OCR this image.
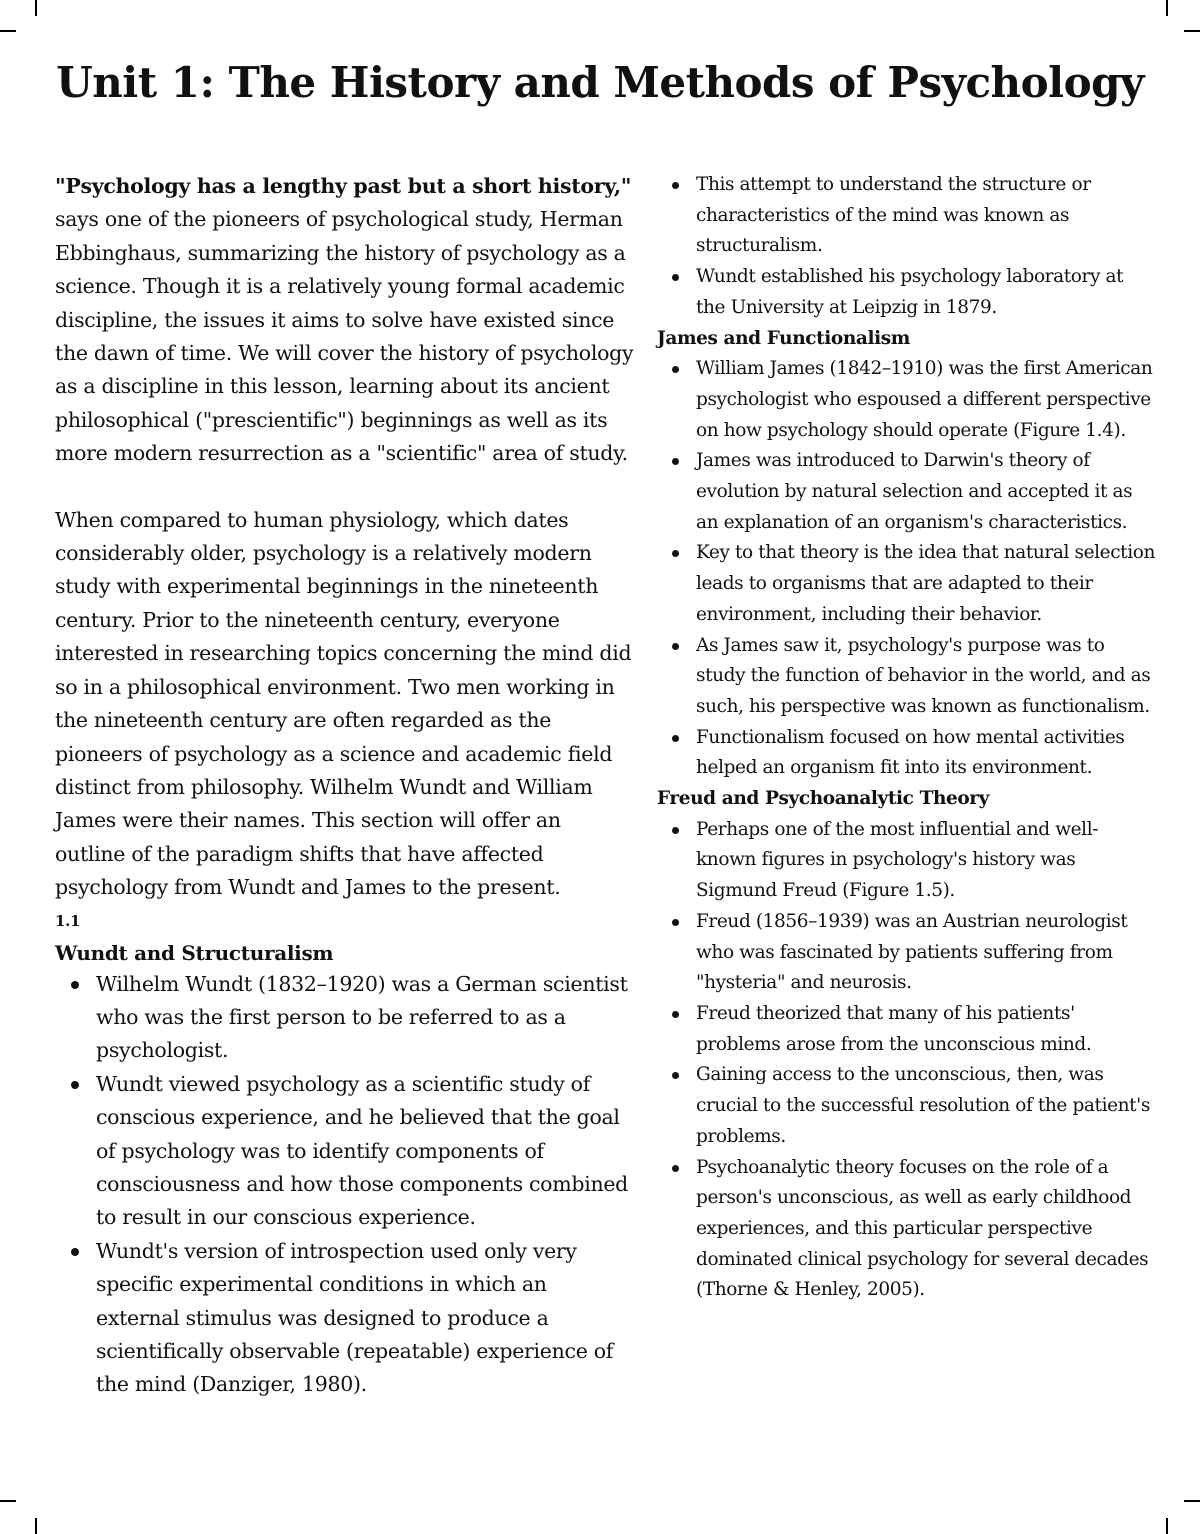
Unit 1: The History and Methods of Psychology

"Psychology has a lengthy past but a short history," says one of the pioneers of psychological study, Herman Ebbinghaus, summarizing the history of psychology as a science. Though it is a relatively young formal academic discipline, the issues it aims to solve have existed since the dawn of time. We will cover the history of psychology as a discipline in this lesson, learning about its ancient philosophical ("prescientific") beginnings as well as its more modern resurrection as a "scientific" area of study.

When compared to human physiology, which dates considerably older, psychology is a relatively modern study with experimental beginnings in the nineteenth century. Prior to the nineteenth century, everyone interested in researching topics concerning the mind did so in a philosophical environment. Two men working in the nineteenth century are often regarded as the pioneers of psychology as a science and academic field distinct from philosophy. Wilhelm Wundt and William James were their names. This section will offer an outline of the paradigm shifts that have affected psychology from Wundt and James to the present.

1.1
Wundt and Structuralism
Wilhelm Wundt (1832–1920) was a German scientist who was the first person to be referred to as a psychologist.
Wundt viewed psychology as a scientific study of conscious experience, and he believed that the goal of psychology was to identify components of consciousness and how those components combined to result in our conscious experience.
Wundt's version of introspection used only very specific experimental conditions in which an external stimulus was designed to produce a scientifically observable (repeatable) experience of the mind (Danziger, 1980).
This attempt to understand the structure or characteristics of the mind was known as structuralism.
Wundt established his psychology laboratory at the University at Leipzig in 1879.
James and Functionalism
William James (1842–1910) was the first American psychologist who espoused a different perspective on how psychology should operate (Figure 1.4).
James was introduced to Darwin's theory of evolution by natural selection and accepted it as an explanation of an organism's characteristics.
Key to that theory is the idea that natural selection leads to organisms that are adapted to their environment, including their behavior.
As James saw it, psychology's purpose was to study the function of behavior in the world, and as such, his perspective was known as functionalism.
Functionalism focused on how mental activities helped an organism fit into its environment.
Freud and Psychoanalytic Theory
Perhaps one of the most influential and well-known figures in psychology's history was Sigmund Freud (Figure 1.5).
Freud (1856–1939) was an Austrian neurologist who was fascinated by patients suffering from "hysteria" and neurosis.
Freud theorized that many of his patients' problems arose from the unconscious mind.
Gaining access to the unconscious, then, was crucial to the successful resolution of the patient's problems.
Psychoanalytic theory focuses on the role of a person's unconscious, as well as early childhood experiences, and this particular perspective dominated clinical psychology for several decades (Thorne & Henley, 2005).
